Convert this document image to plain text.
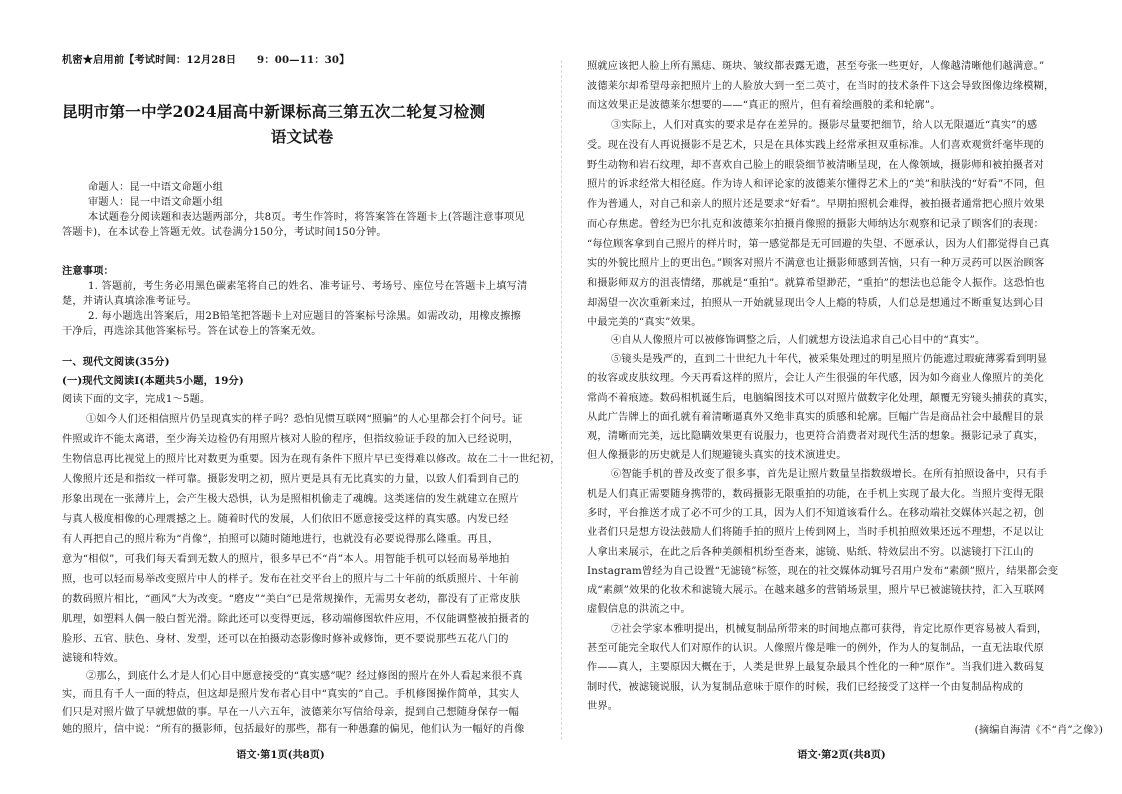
机密★启用前 【考试时间：12月28日　　9：00—11：30】

昆明市第一中学2024届高中新课标高三第五次二轮复习检测
语文试卷

命题人：昆一中语文命题小组

审题人：昆一中语文命题小组

本试题卷分阅读题和表达题两部分，共8页。考生作答时，将答案答在答题卡上(答题注意事项见

答题卡)，在本试卷上答题无效。试卷满分150分，考试时间150分钟。

注意事项：

1. 答题前，考生务必用黑色碳素笔将自己的姓名、准考证号、考场号、座位号在答题卡上填写清

楚，并请认真填涂准考证号。

2. 每小题选出答案后，用2B铅笔把答题卡上对应题目的答案标号涂黑。如需改动，用橡皮擦擦

干净后，再选涂其他答案标号。答在试卷上的答案无效。

一、现代文阅读(35分)

(一)现代文阅读Ⅰ(本题共5小题，19分)

阅读下面的文字，完成1～5题。

①如今人们还相信照片仍呈现真实的样子吗？恐怕见惯互联网“照骗”的人心里都会打个问号。证

件照或许不能太离谱，至少海关边检仍有用照片核对人脸的程序，但指纹验证手段的加入已经说明，

生物信息再比视觉上的照片比对数更为重要。因为在现有条件下照片早已变得难以修改。故在二十一世纪初，

人像照片还是和指纹一样可靠。摄影发明之初，照片更是具有无比真实的力量，以致人们看到自己的

形象出现在一张薄片上，会产生极大恐惧，认为是照相机偷走了魂魄。这类迷信的发生就建立在照片

与真人极度相像的心理震撼之上。随着时代的发展，人们依旧不愿意接受这样的真实感。内发已经

有人再把自己的照片称为“肖像”，拍照可以随时随地进行，也就没有必要说得那么隆重。再且，

意为“相似”，可我们每天看到无数人的照片，很多早已不“肖”本人。用智能手机可以轻而易举地拍

照，也可以轻而易举改变照片中人的样子。发布在社交平台上的照片与二十年前的纸质照片、十年前

的数码照片相比，“画风”大为改变。“磨皮”“美白”已是常规操作，无需男女老幼，都没有了正常皮肤

肌理，如塑料人偶一般白皙光滑。除此还可以变得更远，移动端修图软件应用，不仅能调整被拍摄者的

脸形、五官、肤色、身材、发型，还可以在拍摄动态影像时修补或修饰，更不要说那些五花八门的

滤镜和特效。

②那么，到底什么才是人们心目中愿意接受的“真实感”呢？经过修图的照片在外人看起来很不真

实，而且有千人一面的特点，但这却是照片发布者心目中“真实的”自己。手机修图操作简单，其实人

们只是对照片做了早就想做的事。早在一八六五年，波德莱尔写信给母亲，提到自己想随身保存一幅

她的照片，信中说：“所有的摄影师，包括最好的那些，都有一种愚蠢的偏见，他们认为一幅好的肖像

语文·第1页(共8页)

照就应该把人脸上所有黑痣、斑块、皱纹都表露无遗，甚至夸张一些更好，人像越清晰他们越满意。”

波德莱尔却希望母亲把照片上的人脸放大到一至二英寸，在当时的技术条件下这会导致图像边缘模糊，

而这效果正是波德莱尔想要的——“真正的照片，但有着绘画般的柔和轮廓”。

③实际上，人们对真实的要求是存在差异的。摄影尽量要把细节，给人以无限逼近“真实”的感

受。现在没有人再说摄影不是艺术，只是在具体实践上经常承担双重标准。人们喜欢观赏纤毫毕现的

野生动物和岩石纹理，却不喜欢自己脸上的眼袋细节被清晰呈现，在人像领域，摄影师和被拍摄者对

照片的诉求经常大相径庭。作为诗人和评论家的波德莱尔懂得艺术上的“美”和肤浅的“好看”不同，但

作为普通人，对自己和亲人的照片还是要求“好看”。早期拍照机会难得，被拍摄者通常把心照片效果

而心存焦虑。曾经为巴尔扎克和波德莱尔拍摄肖像照的摄影大师纳达尔观察和记录了顾客们的表现：

“每位顾客拿到自己照片的样片时，第一感觉都是无可回避的失望、不愿承认，因为人们都觉得自己真

实的外貌比照片上的更出色。”顾客对照片不满意也让摄影师感到苦恼，只有一种万灵药可以医治顾客

和摄影师双方的沮丧情绪，那就是“重拍”。就算希望渺茫，“重拍”的想法也总能令人振作。这恐怕也

却渴望一次次重新来过，拍照从一开始就显现出令人上瘾的特质，人们总是想通过不断重复达到心目

中最完美的“真实”效果。

④自从人像照片可以被修饰调整之后，人们就想方设法追求自己心目中的“真实”。

⑤镜头是残严的，直到二十世纪九十年代，被采集处理过的明星照片仍能遮过瑕疵薄雾看到明显

的妆容或皮肤纹理。今天再看这样的照片，会让人产生很强的年代感，因为如今商业人像照片的美化

常尚不着痕迹。数码相机诞生后，电脑编图技术可以对照片做数字化处理，颠覆无穷镜头捕获的真实，

从此广告牌上的面孔就有着清晰逼真外又绝非真实的质感和轮廓。巨幅广告是商品社会中最醒目的景

观，清晰而完美，远比隐瞒效果更有说服力，也更符合消费者对现代生活的想象。摄影记录了真实，

但人像摄影的历史就是人们规避镜头真实的技术演进史。

⑥智能手机的普及改变了很多事，首先是让照片数量呈指数级增长。在所有拍照设备中，只有手

机是人们真正需要随身携带的，数码摄影无限重拍的功能，在手机上实现了最大化。当照片变得无限

多时，平台推送才成了必不可少的工具，因为人们不知道该看什么。在移动端社交媒体兴起之初，创

业者们只是想方设法鼓励人们将随手拍的照片上传到网上，当时手机拍照效果还远不理想，不足以让

人拿出来展示，在此之后各种美颜相机纷至沓来，滤镜、贴纸、特效层出不穷。以滤镜打下江山的

Instagram曾经为自己设置“无滤镜”标签，现在的社交媒体动辄号召用户发布“素颜”照片，结果都会变

成“素颜”效果的化妆术和滤镜大展示。在越来越多的营销场景里，照片早已被滤镜扶持，汇入互联网

虚假信息的洪流之中。

⑦社会学家本雅明提出，机械复制品所带来的时间地点都可获得，肯定比原作更容易被人看到，

甚至可能完全取代人们对原作的认识。人像照片像是唯一的例外，作为人的复制品，一直无法取代原

作——真人，主要原因大概在于，人类是世界上最复杂最具个性化的一种“原作”。当我们进入数码复

制时代，被滤镜说服，认为复制品意味于原作的时候，我们已经接受了这样一个由复制品构成的

世界。

(摘编自海清《不“肖”之像》)

语文·第2页(共8页)
